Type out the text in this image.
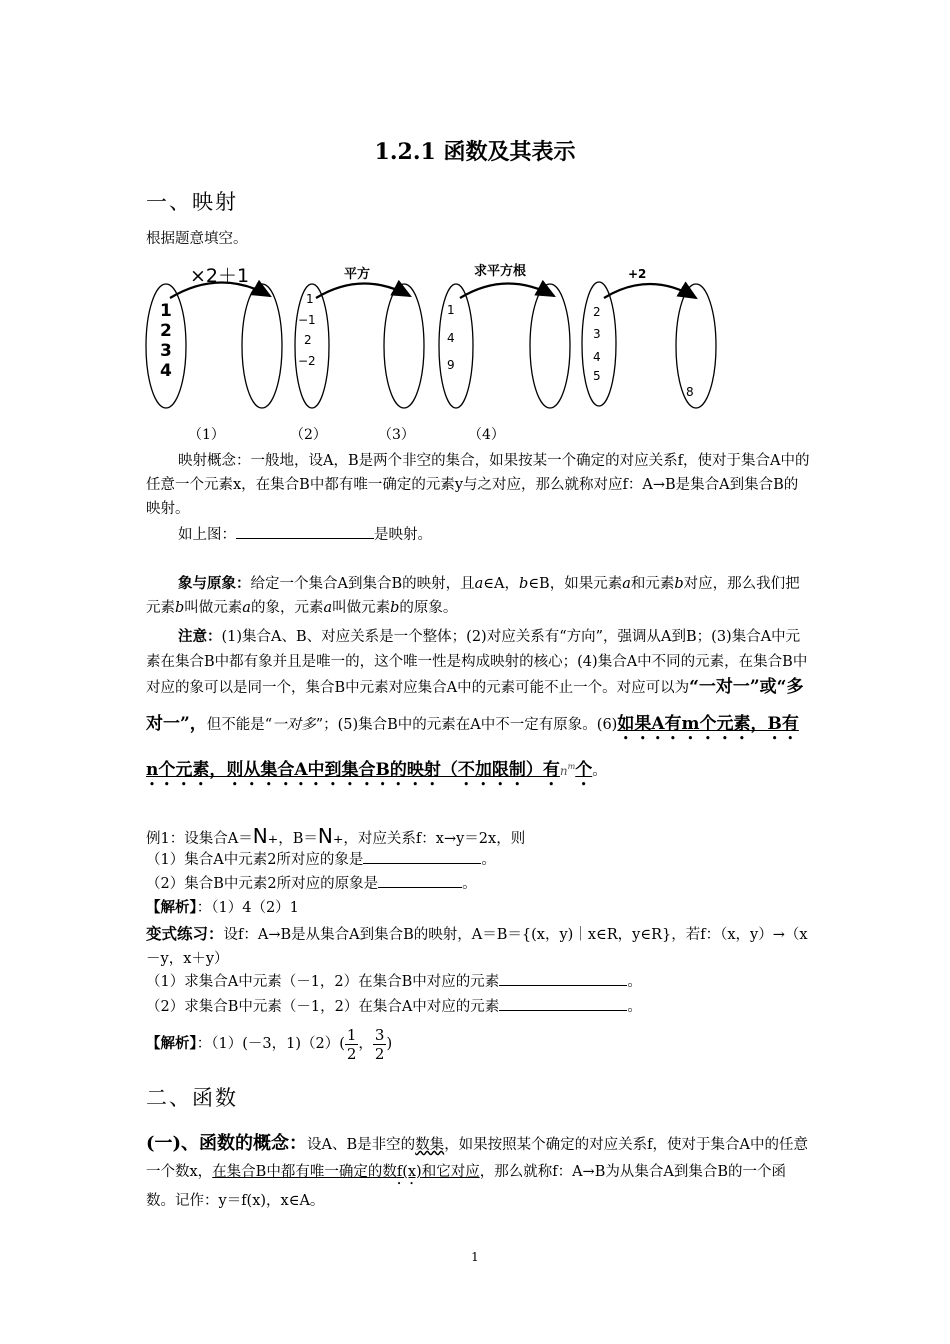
1.2.1 函数及其表示
一、映射
根据题意填空。
×2＋1
1
2
3
4
平方
1
−1
2
−2
求平方根
1
4
9
+2
2
3
4
5
8
（1）	（2）	（3）	（4）
映射概念：一般地，设A，B是两个非空的集合，如果按某一个确定的对应关系f，使对于集合A中的任意一个元素x，在集合B中都有唯一确定的元素y与之对应，那么就称对应f：A→B是集合A到集合B的映射。
如上图：	是映射。
象与原象：给定一个集合A到集合B的映射，且a∈A，b∈B，如果元素a和元素b对应，那么我们把元素b叫做元素a的象，元素a叫做元素b的原象。
注意：(1)集合A、B、对应关系是一个整体；(2)对应关系有“方向”，强调从A到B；(3)集合A中元素在集合B中都有象并且是唯一的，这个唯一性是构成映射的核心；(4)集合A中不同的元素，在集合B中对应的象可以是同一个，集合B中元素对应集合A中的元素可能不止一个。对应可以为“一对一”或“多对一”，但不能是“一对多”；(5)集合B中的元素在A中不一定有原象。(6)如果A有m个元素，B有n个元素，则从集合A中到集合B的映射（不加限制）有$n^m$个。
例1：设集合A＝N₊，B＝N₊，对应关系f：x→y＝2x，则
（1）集合A中元素2所对应的象是	。
（2）集合B中元素2所对应的原象是	。
【解析】：（1）4（2）1
变式练习：设f：A→B是从集合A到集合B的映射，A＝B＝{(x，y)｜x∈R，y∈R}，若f：（x，y）→（x－y，x＋y）
（1）求集合A中元素（－1，2）在集合B中对应的元素	。
（2）求集合B中元素（－1，2）在集合A中对应的元素	。
【解析】：（1）(－3，$1)(2)( \frac{1}{2}$ ， $\frac{3}{2}$ )
二、函数
(一)、函数的概念：设A、B是非空的数集，如果按照某个确定的对应关系f，使对于集合A中的任意一个数x，在集合B中都有唯一确定的数f(x)和它对应，那么就称f：A→B为从集合A到集合B的一个函数。记作：y＝f(x)，x∈A。
1
